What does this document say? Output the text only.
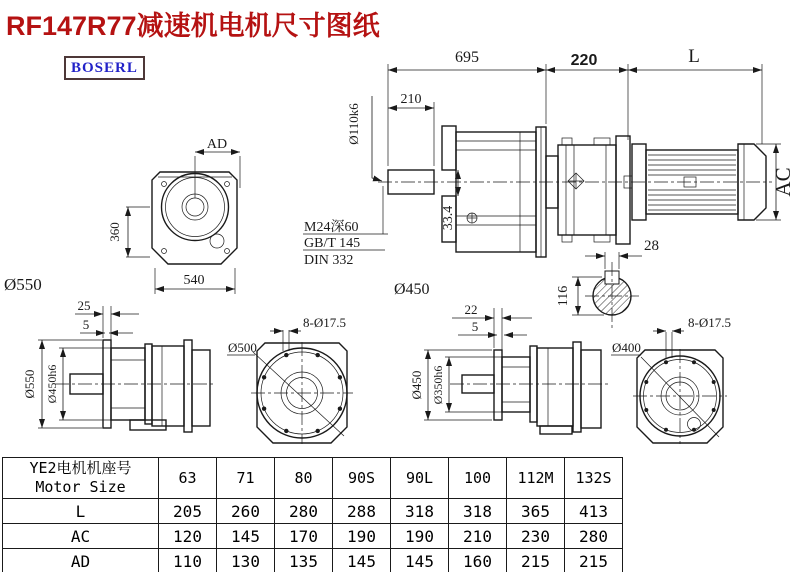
RF147R77减速机电机尺寸图纸
BOSERL
695	220	L
210
AC
33.4
Ø110k6
M24深60
GB/T 145
DIN 332
Ø450
28
116
AD
360
540
Ø550
25
5
Ø550 Ø450h6
Ø500
8-Ø17.5
22
5
Ø450 Ø350h6
Ø400
8-Ø17.5
YE2电机机座号
Motor Size	63	71	80	90S	90L	100	112M	132S
L	205	260	280	288	318	318	365	413
AC	120	145	170	190	190	210	230	280
AD	110	130	135	145	145	160	215	215
